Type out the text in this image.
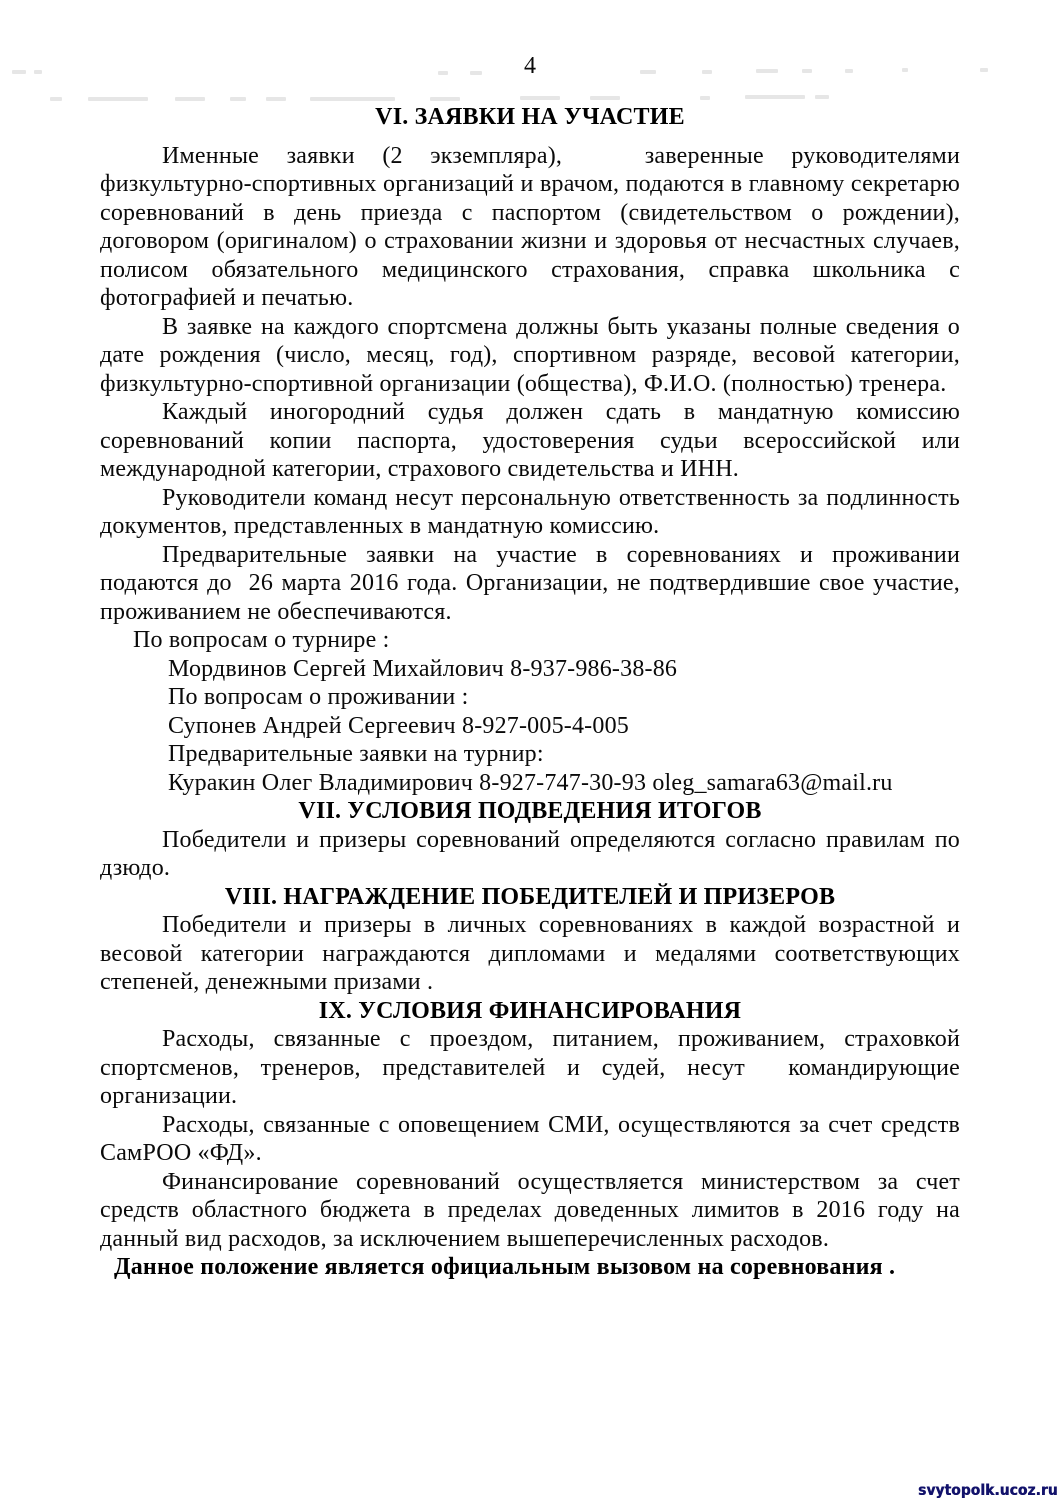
4
VI. ЗАЯВКИ НА УЧАСТИЕ

Именные заявки (2 экземпляра),   заверенные руководителями физкультурно-спортивных организаций и врачом, подаются в главному секретарю соревнований в день приезда с паспортом (свидетельством о рождении), договором (оригиналом) о страховании жизни и здоровья от несчастных случаев, полисом обязательного медицинского страхования, справка школьника с фотографией и печатью.

В заявке на каждого спортсмена должны быть указаны полные сведения о дате рождения (число, месяц, год), спортивном разряде, весовой категории, физкультурно-спортивной организации (общества), Ф.И.О. (полностью) тренера.

Каждый иногородний судья должен сдать в мандатную комиссию соревнований копии паспорта, удостоверения судьи всероссийской или международной категории, страхового свидетельства и ИНН.

Руководители команд несут персональную ответственность за подлинность документов, представленных в мандатную комиссию.

Предварительные заявки на участие в соревнованиях и проживании подаются до  26 марта 2016 года. Организации, не подтвердившие свое участие, проживанием не обеспечиваются.

По вопросам о турнире :
Мордвинов Сергей Михайлович 8-937-986-38-86
По вопросам о проживании :
Супонев Андрей Сергеевич 8-927-005-4-005
Предварительные заявки на турнир:
Куракин Олег Владимирович 8-927-747-30-93 oleg_samara63@mail.ru
VII. УСЛОВИЯ ПОДВЕДЕНИЯ ИТОГОВ

Победители и призеры соревнований определяются согласно правилам по дзюдо.

VIII. НАГРАЖДЕНИЕ ПОБЕДИТЕЛЕЙ И ПРИЗЕРОВ

Победители и призеры в личных соревнованиях в каждой возрастной и весовой категории награждаются дипломами и медалями соответствующих степеней, денежными призами .

IX. УСЛОВИЯ ФИНАНСИРОВАНИЯ

Расходы, связанные с проездом, питанием, проживанием, страховкой спортсменов, тренеров, представителей и судей, несут  командирующие организации.

Расходы, связанные с оповещением СМИ, осуществляются за счет средств СамРОО «ФД».

Финансирование соревнований осуществляется министерством за счет средств областного бюджета в пределах доведенных лимитов в 2016 году на данный вид расходов, за исключением вышеперечисленных расходов.

Данное положение является официальным вызовом на соревнования .

svytopolk.ucoz.ru
